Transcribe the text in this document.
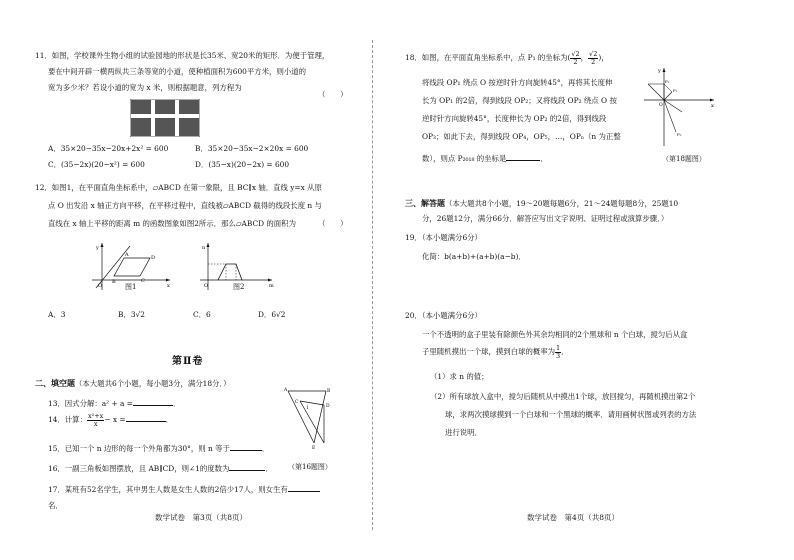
11．如图，学校课外生物小组的试验园地的形状是长35米、宽20米的矩形．为便于管理，
要在中间开辟一横两纵共三条等宽的小道，使种植面积为600平方米，则小道的
宽为多少米？若设小道的宽为 x 米，则根据题意，列方程为
（　　）
A．35×20−35x−20x+2x² = 600	B．35×20−35x−2×20x = 600
C．(35−2x)(20−x²) = 600	D．(35−x)(20−2x) = 600
12．如图1，在平面直角坐标系中，▱ABCD 在第一象限，且 BC∥x 轴．直线 y=x 从原
点 O 出发沿 x 轴正方向平移，在平移过程中，直线被▱ABCD 截得的线段长度 n 与
直线在 x 轴上平移的距离 m 的函数图象如图2所示．那么▱ABCD 的面积为	（　　）
O
B	C
D
A
y
x
图1
n
m
O	图2
A．3	B．3√2	C．6	D．6√2
第Ⅱ卷
二、填空题（本大题共6个小题，每小题3分，满分18分．）
13．因式分解：a² + a =	．
14．计算： $\frac{\text{x²+x}}{x} - x$ =	．
15．已知一个 n 边形的每一个外角都为30°，则 n 等于	．
16．一副三角板如图摆放，且 AB∥CD，则∠1的度数为	． （第16题图）
A	B
C
D
E
1
17．某班有52名学生，其中男生人数是女生人数的2倍少17人，则女生有
名．
数学试卷　第3页（共8页）
18．如图，在平面直角坐标系中，点 P₁ 的坐标为( $\frac{√2}{2}$ ， $\frac{√2}{2}$ )，
将线段 OP₁ 绕点 O 按逆时针方向旋转45°，再将其长度伸
长为 OP₁ 的2倍，得到线段 OP₂；又将线段 OP₂ 绕点 O 按
逆时针方向旋转45°，长度伸长为 OP₂ 的2倍，得到线段
OP₃；如此下去，得到线段 OP₄，OP₅，…，OPₙ（n 为正整
数），则点 P₂₀₁₈ 的坐标是	．	（第18题图）
y
x
O
P₁
P₂
P₅
三、解答题（本大题共8个小题，19～20题每题6分，21～24题每题8分，25题10
分，26题12分，满分66分．解答应写出文字说明、证明过程或演算步骤．）
19．（本小题满分6分）
化简：b(a+b)+(a+b)(a−b)．
20．（本小题满分6分）
一个不透明的盒子里装有除颜色外其余均相同的2个黑球和 n 个白球，搅匀后从盒
子里随机摸出一个球，摸到白球的概率为 $\frac{1}{3}$ ．
（1）求 n 的值；
（2）所有球放入盒中，搅匀后随机从中摸出1个球，放回搅匀，再随机摸出第2个
球，求两次摸球摸到一个白球和一个黑球的概率．请用画树状图或列表的方法
进行说明．
数学试卷　第4页（共8页）
